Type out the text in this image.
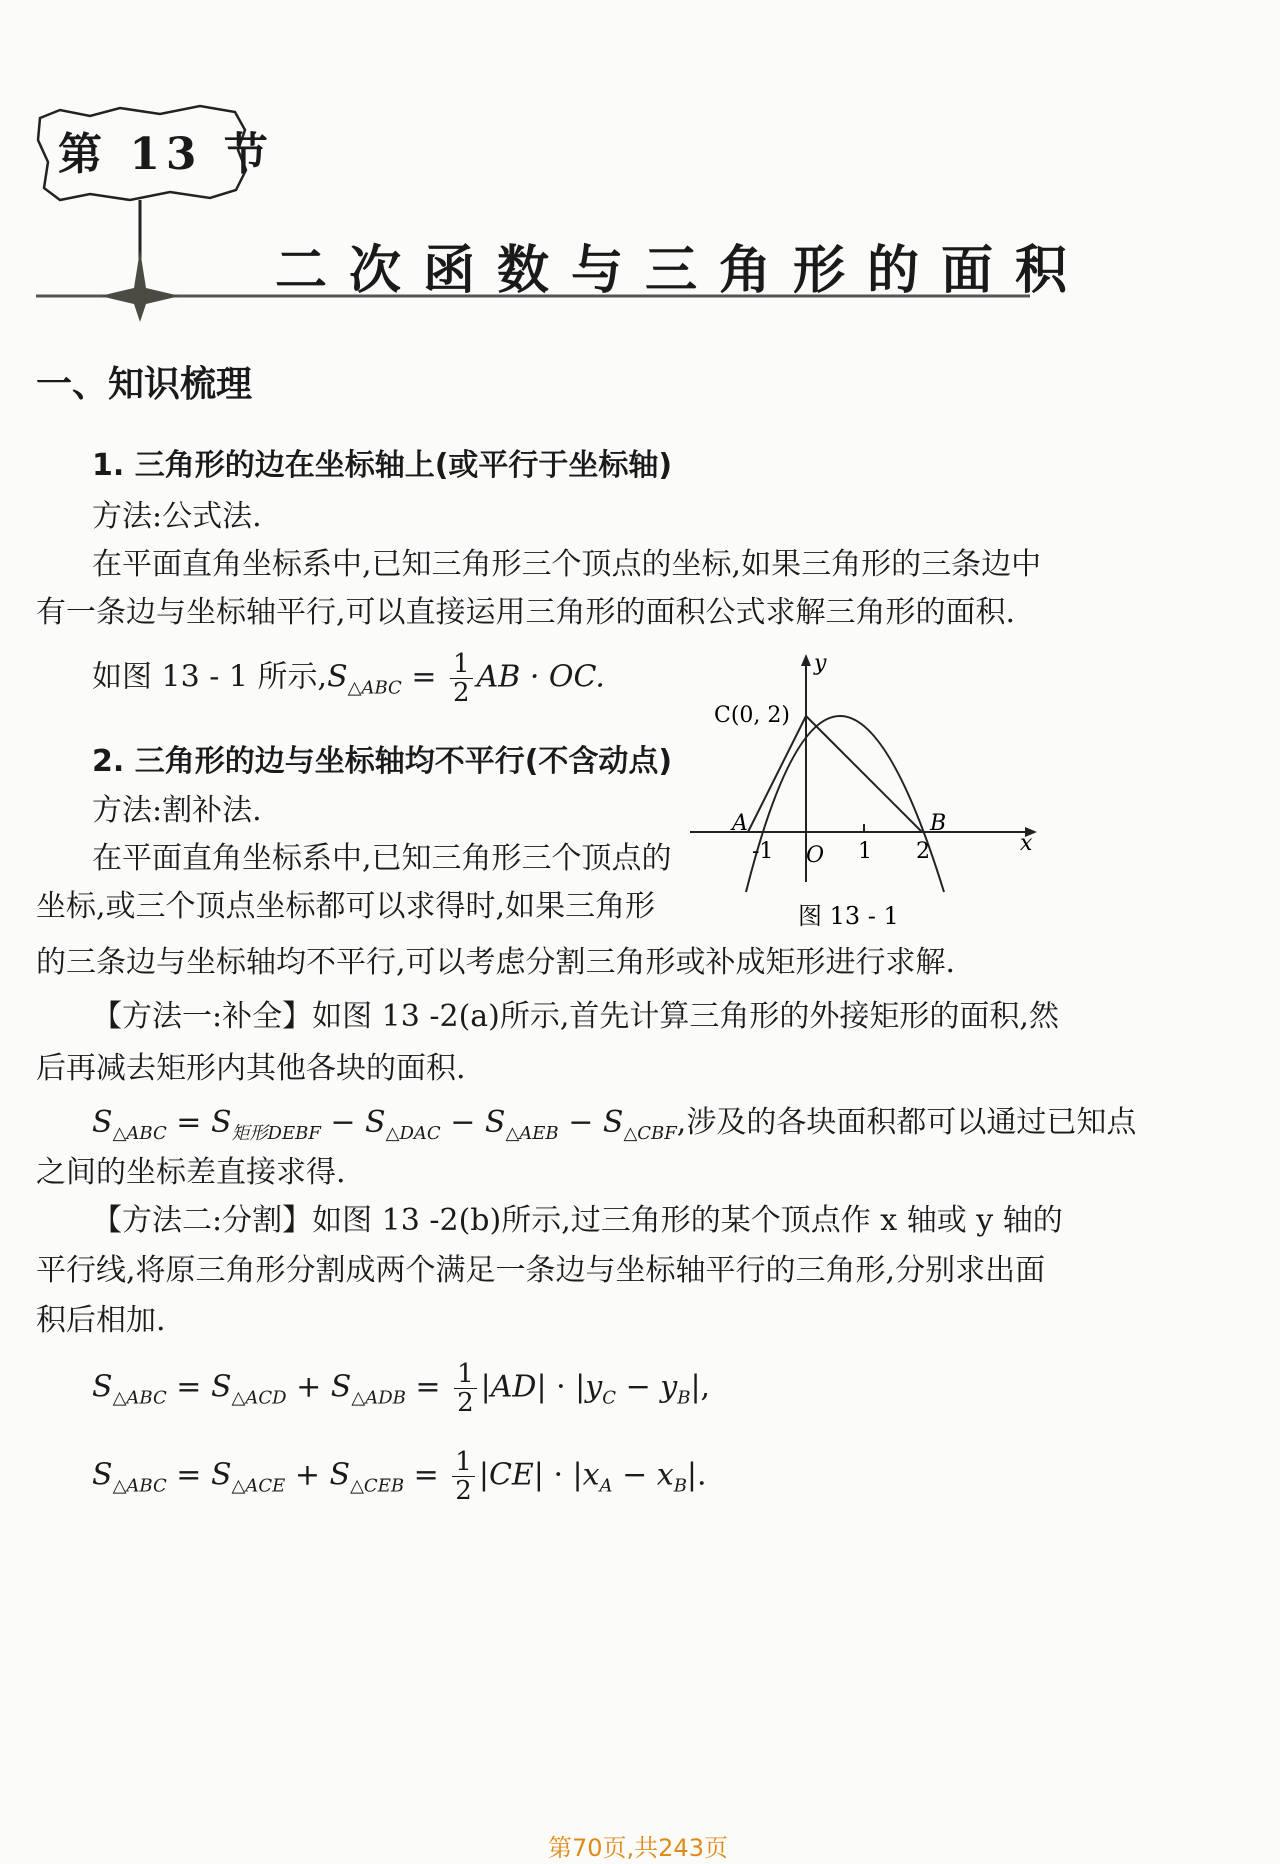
第 13 节
二次函数与三角形的面积
一、知识梳理
1. 三角形的边在坐标轴上(或平行于坐标轴)
方法:公式法.
在平面直角坐标系中,已知三角形三个顶点的坐标,如果三角形的三条边中
有一条边与坐标轴平行,可以直接运用三角形的面积公式求解三角形的面积.
如图 13 - 1 所示$,S_{\triangle ABC} = \frac{1}{2}$ AB · OC.
2. 三角形的边与坐标轴均不平行(不含动点)
方法:割补法.
在平面直角坐标系中,已知三角形三个顶点的
坐标,或三个顶点坐标都可以求得时,如果三角形
的三条边与坐标轴均不平行,可以考虑分割三角形或补成矩形进行求解.
【方法一:补全】如图 13 -2(a)所示,首先计算三角形的外接矩形的面积,然
后再减去矩形内其他各块的面积.
$S_{\triangle ABC} = S_{矩形DEBF} - S_{\triangle DAC} - S_{\triangle AEB} - S_{\triangle CBF}$,涉及的各块面积都可以通过已知点
之间的坐标差直接求得.
【方法二:分割】如图 13 -2(b)所示,过三角形的某个顶点作 x 轴或 y 轴的
平行线,将原三角形分割成两个满足一条边与坐标轴平行的三角形,分别求出面
积后相加.
$S_{\triangle ABC} = S_{\triangle ACD} + S_{\triangle ADB} = \frac{1}{2} |AD| \cdot |y_C - y_B|$,
$S_{\triangle ABC} = S_{\triangle ACE} + S_{\triangle CEB} = \frac{1}{2} |CE| \cdot |x_A - x_B|$.
y
x
C(0, 2)
A	B
O
-1	1 2
图 13 - 1
第70页,共243页
